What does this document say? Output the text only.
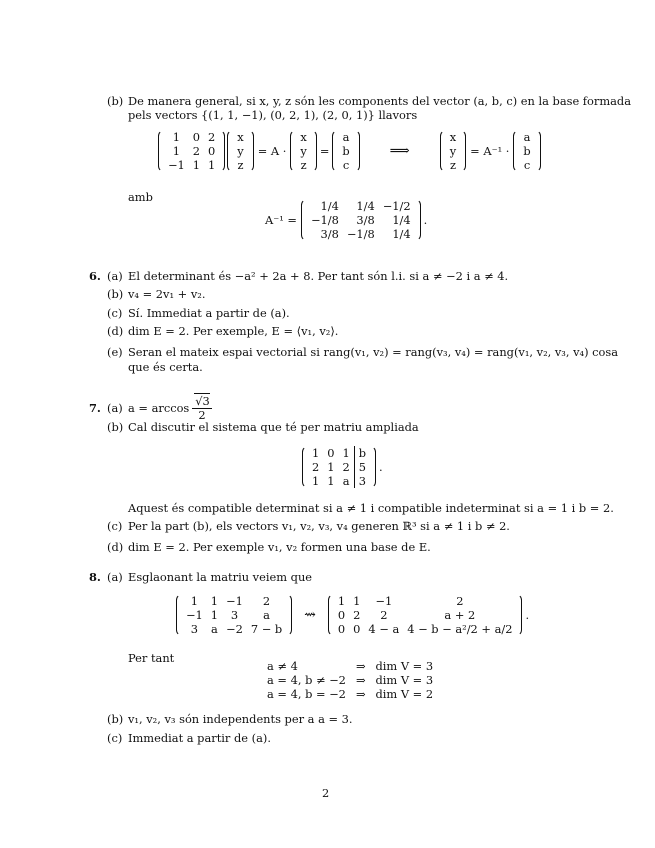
(b) De manera general, si x, y, z són les components del vector (a, b, c) en la base formada
pels vectors {(1, 1, −1), (0, 2, 1), (2, 0, 1)} llavors
1	0	2
1	2	0
−1	1	1
x
y
z
= A ·
x
y
z
=
a
b
c
⟹
x
y
z
= A⁻¹ ·
a
b
c
amb
A⁻¹ =
1/4	1/4	−1/2
−1/8	3/8	1/4
3/8	−1/8	1/4
.
6. (a) El determinant és −a² + 2a + 8. Per tant són l.i. si a ≠ −2 i a ≠ 4.
(b) v₄ = 2v₁ + v₂.
(c) Sí. Immediat a partir de (a).
(d) dim E = 2. Per exemple, E = ⟨v₁, v₂⟩.
(e) Seran el mateix espai vectorial si rang(v₁, v₂) = rang(v₃, v₄) = rang(v₁, v₂, v₃, v₄) cosa
que és certa.
7. (a) $a = \arccos \frac{√3}{2}$
(b) Cal discutir el sistema que té per matriu ampliada
1	0	1	b
2	1	2	5
1	1	a	3
.
Aquest és compatible determinat si a ≠ 1 i compatible indeterminat si a = 1 i b = 2.
(c) Per la part (b), els vectors v₁, v₂, v₃, v₄ generen ℝ³ si a ≠ 1 i b ≠ 2.
(d) dim E = 2. Per exemple v₁, v₂ formen una base de E.
8. (a) Esglaonant la matriu veiem que
1	1	−1	2
−1	1	3	a
3	a	−2	7 − b
⇝
1	1	−1	2
0	2	2	a + 2
0	0	4 − a	4 − b − a²/2 + a/2
.
Per tant
a ≠ 4	⇒	dim V = 3
a = 4, b ≠ −2	⇒	dim V = 3
a = 4, b = −2	⇒	dim V = 2
(b) v₁, v₂, v₃ són independents per a a = 3.
(c) Immediat a partir de (a).
2
